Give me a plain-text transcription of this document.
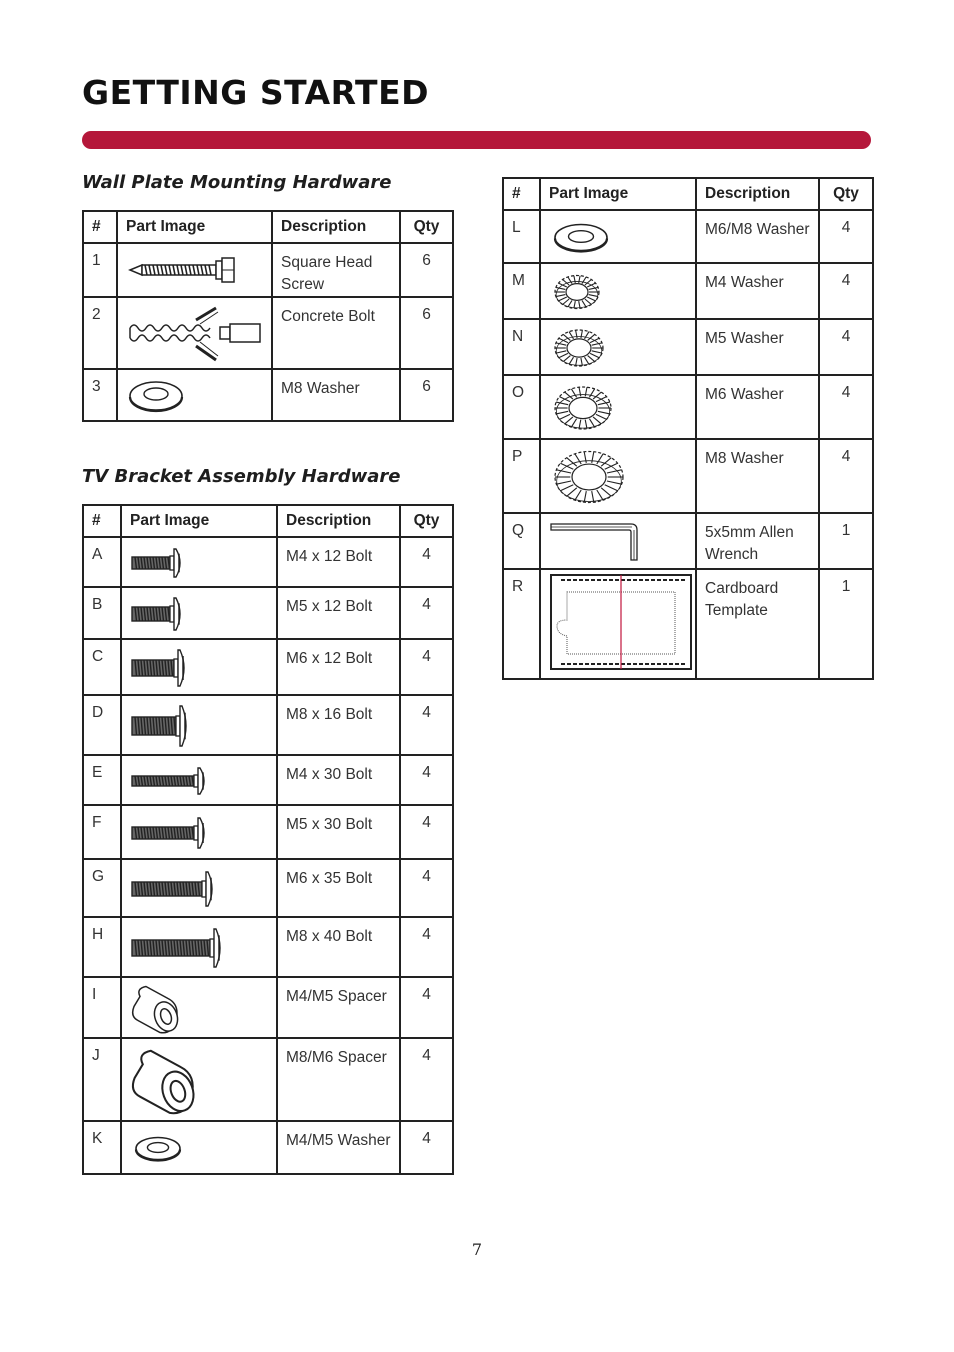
GETTING STARTED
Wall Plate Mounting Hardware
#	Part Image	Description	Qty
1		Square Head Screw	6
2		Concrete Bolt	6
3		M8 Washer	6
TV Bracket Assembly Hardware
#	Part Image	Description	Qty
A		M4 x 12 Bolt	4
B		M5 x 12 Bolt	4
C		M6 x 12 Bolt	4
D		M8 x 16 Bolt	4
E		M4 x 30 Bolt	4
F		M5 x 30 Bolt	4
G		M6 x 35 Bolt	4
H		M8 x 40 Bolt	4
I		M4/M5 Spacer	4
J		M8/M6 Spacer	4
K		M4/M5 Washer	4
#	Part Image	Description	Qty
L		M6/M8 Washer	4
M		M4 Washer	4
N		M5 Washer	4
O		M6 Washer	4
P		M8 Washer	4
Q		5x5mm Allen Wrench	1
R		Cardboard Template	1
7
